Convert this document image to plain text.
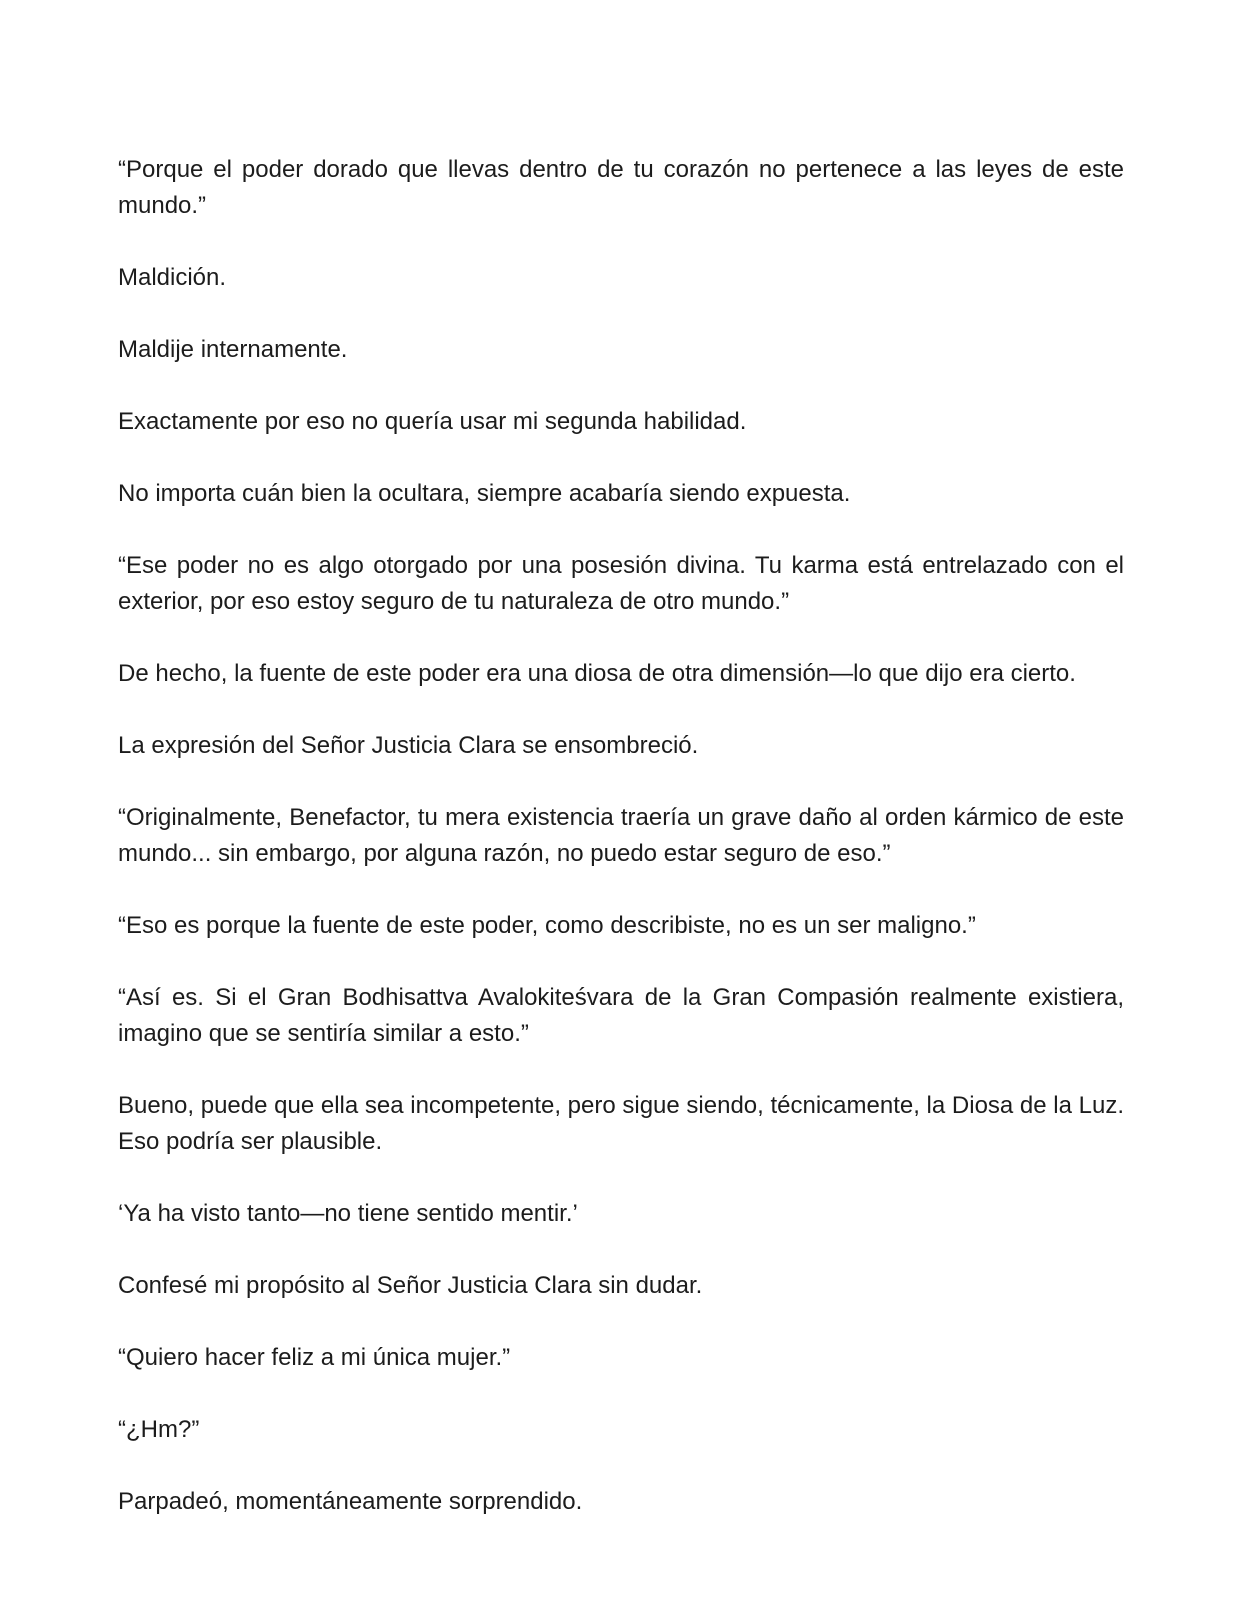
“Porque el poder dorado que llevas dentro de tu corazón no pertenece a las leyes de este mundo.”

Maldición.

Maldije internamente.

Exactamente por eso no quería usar mi segunda habilidad.

No importa cuán bien la ocultara, siempre acabaría siendo expuesta.

“Ese poder no es algo otorgado por una posesión divina. Tu karma está entrelazado con el exterior, por eso estoy seguro de tu naturaleza de otro mundo.”

De hecho, la fuente de este poder era una diosa de otra dimensión—lo que dijo era cierto.

La expresión del Señor Justicia Clara se ensombreció.

“Originalmente, Benefactor, tu mera existencia traería un grave daño al orden kármico de este mundo... sin embargo, por alguna razón, no puedo estar seguro de eso.”

“Eso es porque la fuente de este poder, como describiste, no es un ser maligno.”

“Así es. Si el Gran Bodhisattva Avalokiteśvara de la Gran Compasión realmente existiera, imagino que se sentiría similar a esto.”

Bueno, puede que ella sea incompetente, pero sigue siendo, técnicamente, la Diosa de la Luz. Eso podría ser plausible.

‘Ya ha visto tanto—no tiene sentido mentir.’

Confesé mi propósito al Señor Justicia Clara sin dudar.

“Quiero hacer feliz a mi única mujer.”

“¿Hm?”

Parpadeó, momentáneamente sorprendido.
